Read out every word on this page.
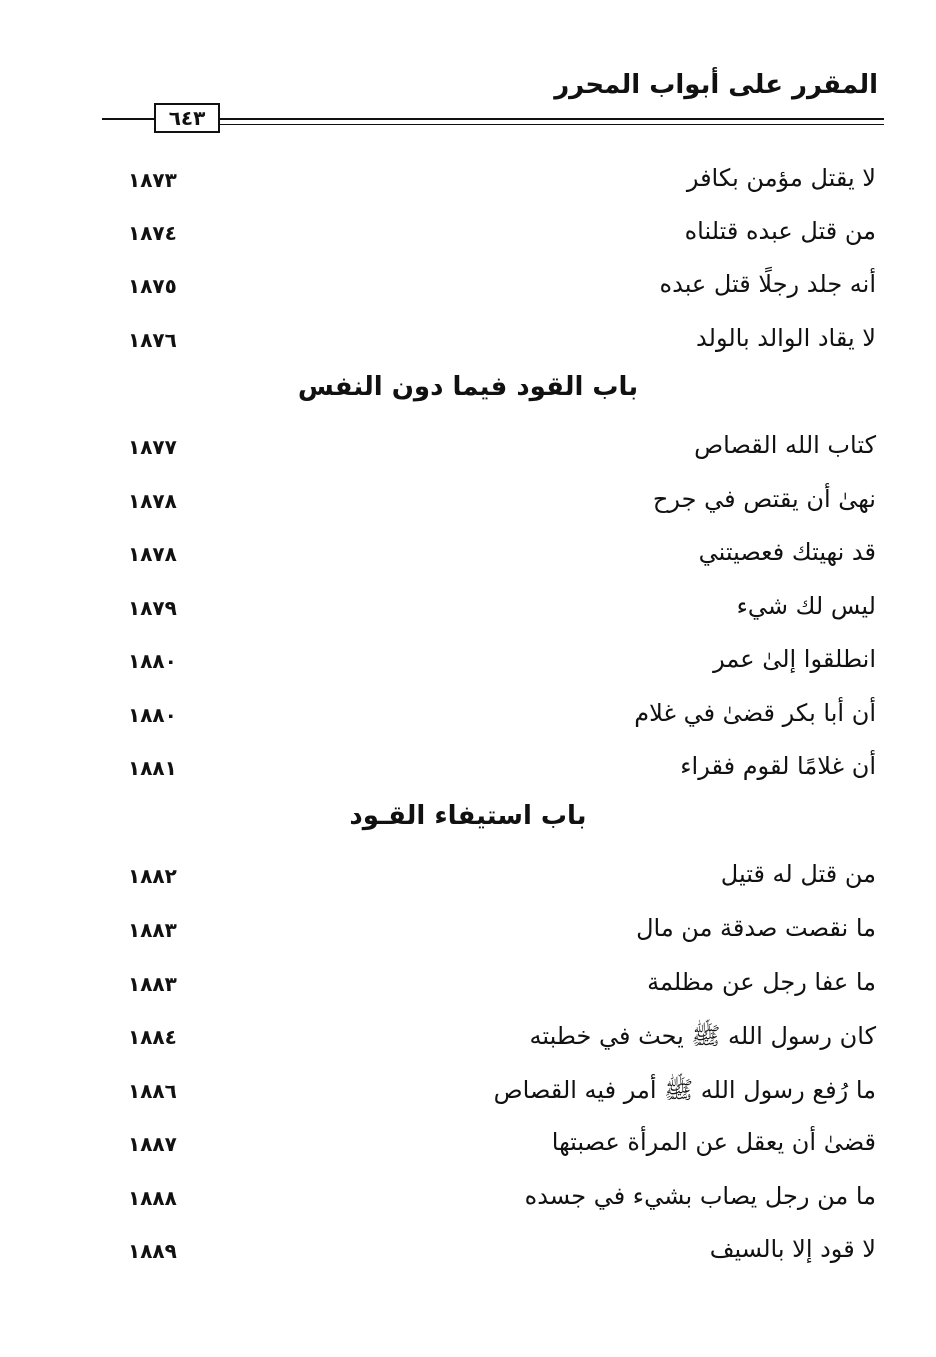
المقرر على أبواب المحرر
٦٤٣
١٨٧٣	لا يقتل مؤمن بكافر
١٨٧٤	من قتل عبده قتلناه
١٨٧٥	أنه جلد رجلًا قتل عبده
١٨٧٦	لا يقاد الوالد بالولد
باب القود فيما دون النفس
١٨٧٧	كتاب الله القصاص
١٨٧٨	نهىٰ أن يقتص في جرح
١٨٧٨	قد نهيتك فعصيتني
١٨٧٩	ليس لك شيء
١٨٨٠	انطلقوا إلىٰ عمر
١٨٨٠	أن أبا بكر قضىٰ في غلام
١٨٨١	أن غلامًا لقوم فقراء
باب استيفاء القـود
١٨٨٢	من قتل له قتيل
١٨٨٣	ما نقصت صدقة من مال
١٨٨٣	ما عفا رجل عن مظلمة
١٨٨٤	كان رسول الله ﷺ يحث في خطبته
١٨٨٦	ما رُفع رسول الله ﷺ أمر فيه القصاص
١٨٨٧	قضىٰ أن يعقل عن المرأة عصبتها
١٨٨٨	ما من رجل يصاب بشيء في جسده
١٨٨٩	لا قود إلا بالسيف
